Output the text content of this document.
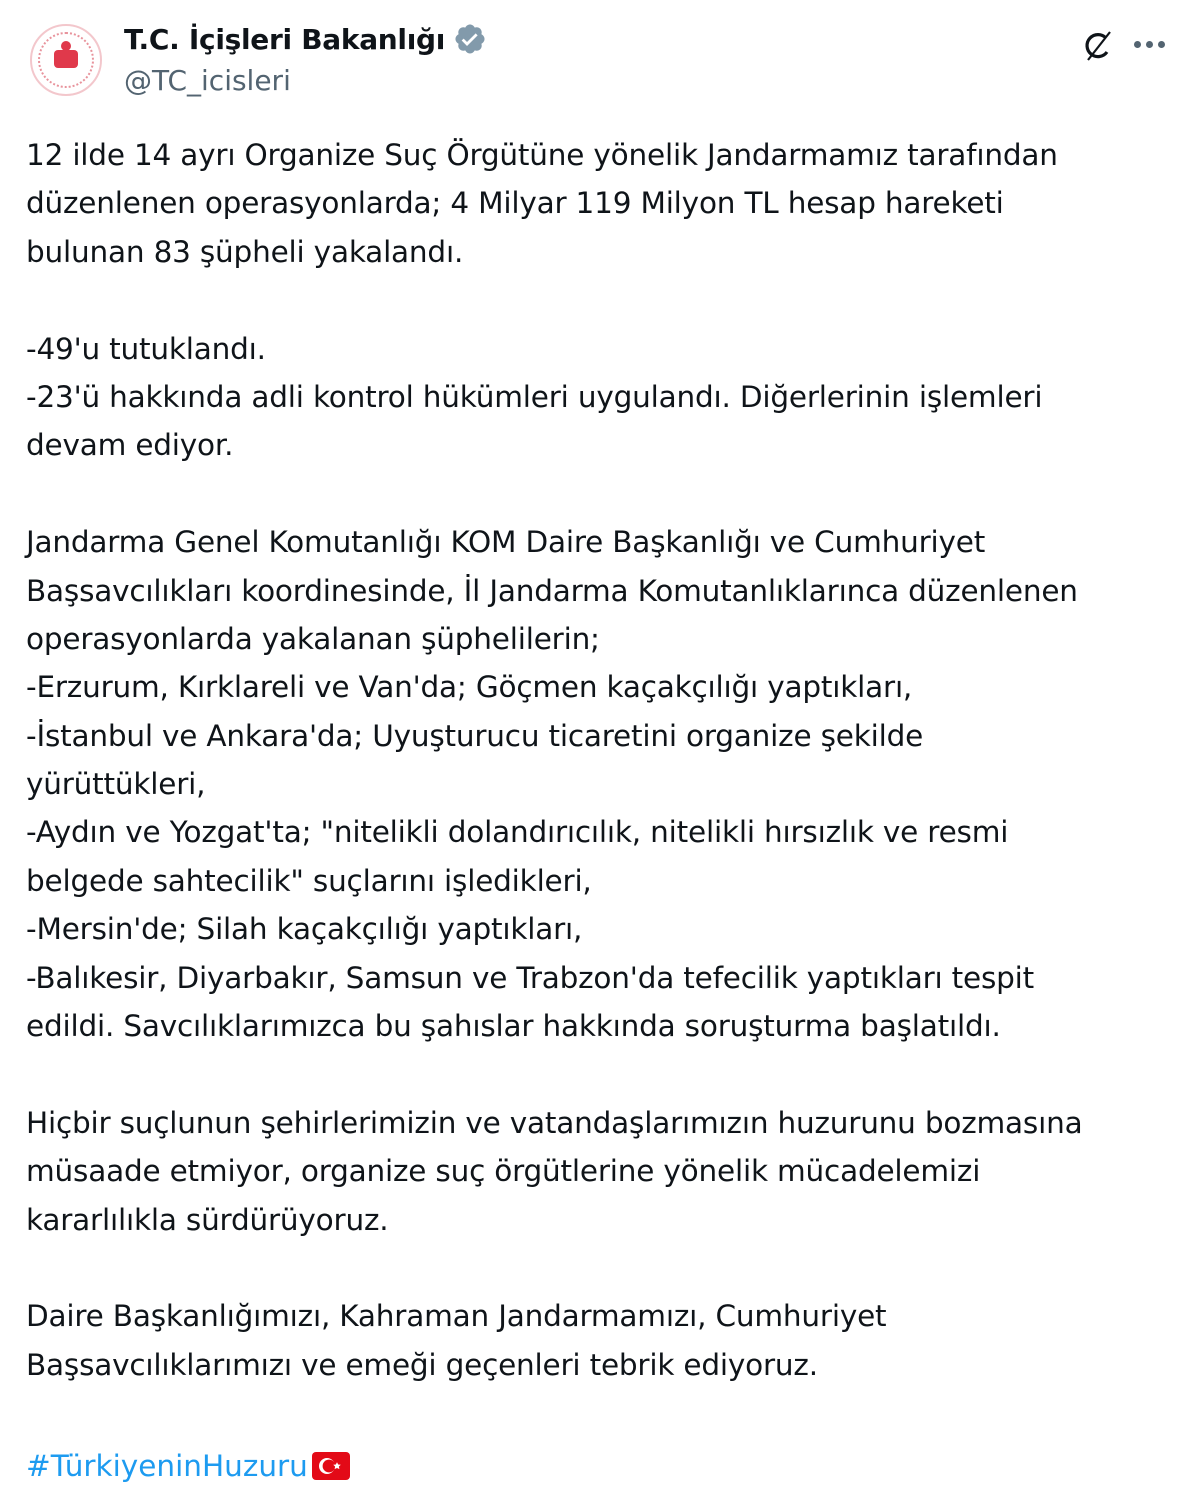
T.C. İçişleri Bakanlığı
@TC_icisleri
12 ilde 14 ayrı Organize Suç Örgütüne yönelik Jandarmamız tarafından
düzenlenen operasyonlarda; 4 Milyar 119 Milyon TL hesap hareketi
bulunan 83 şüpheli yakalandı.
-49'u tutuklandı.
-23'ü hakkında adli kontrol hükümleri uygulandı. Diğerlerinin işlemleri
devam ediyor.
Jandarma Genel Komutanlığı KOM Daire Başkanlığı ve Cumhuriyet
Başsavcılıkları koordinesinde, İl Jandarma Komutanlıklarınca düzenlenen
operasyonlarda yakalanan şüphelilerin;
-Erzurum, Kırklareli ve Van'da; Göçmen kaçakçılığı yaptıkları,
-İstanbul ve Ankara'da; Uyuşturucu ticaretini organize şekilde
yürüttükleri,
-Aydın ve Yozgat'ta; "nitelikli dolandırıcılık, nitelikli hırsızlık ve resmi
belgede sahtecilik" suçlarını işledikleri,
-Mersin'de; Silah kaçakçılığı yaptıkları,
-Balıkesir, Diyarbakır, Samsun ve Trabzon'da tefecilik yaptıkları tespit
edildi. Savcılıklarımızca bu şahıslar hakkında soruşturma başlatıldı.
Hiçbir suçlunun şehirlerimizin ve vatandaşlarımızın huzurunu bozmasına
müsaade etmiyor, organize suç örgütlerine yönelik mücadelemizi
kararlılıkla sürdürüyoruz.
Daire Başkanlığımızı, Kahraman Jandarmamızı, Cumhuriyet
Başsavcılıklarımızı ve emeği geçenleri tebrik ediyoruz.
#TürkiyeninHuzuru
